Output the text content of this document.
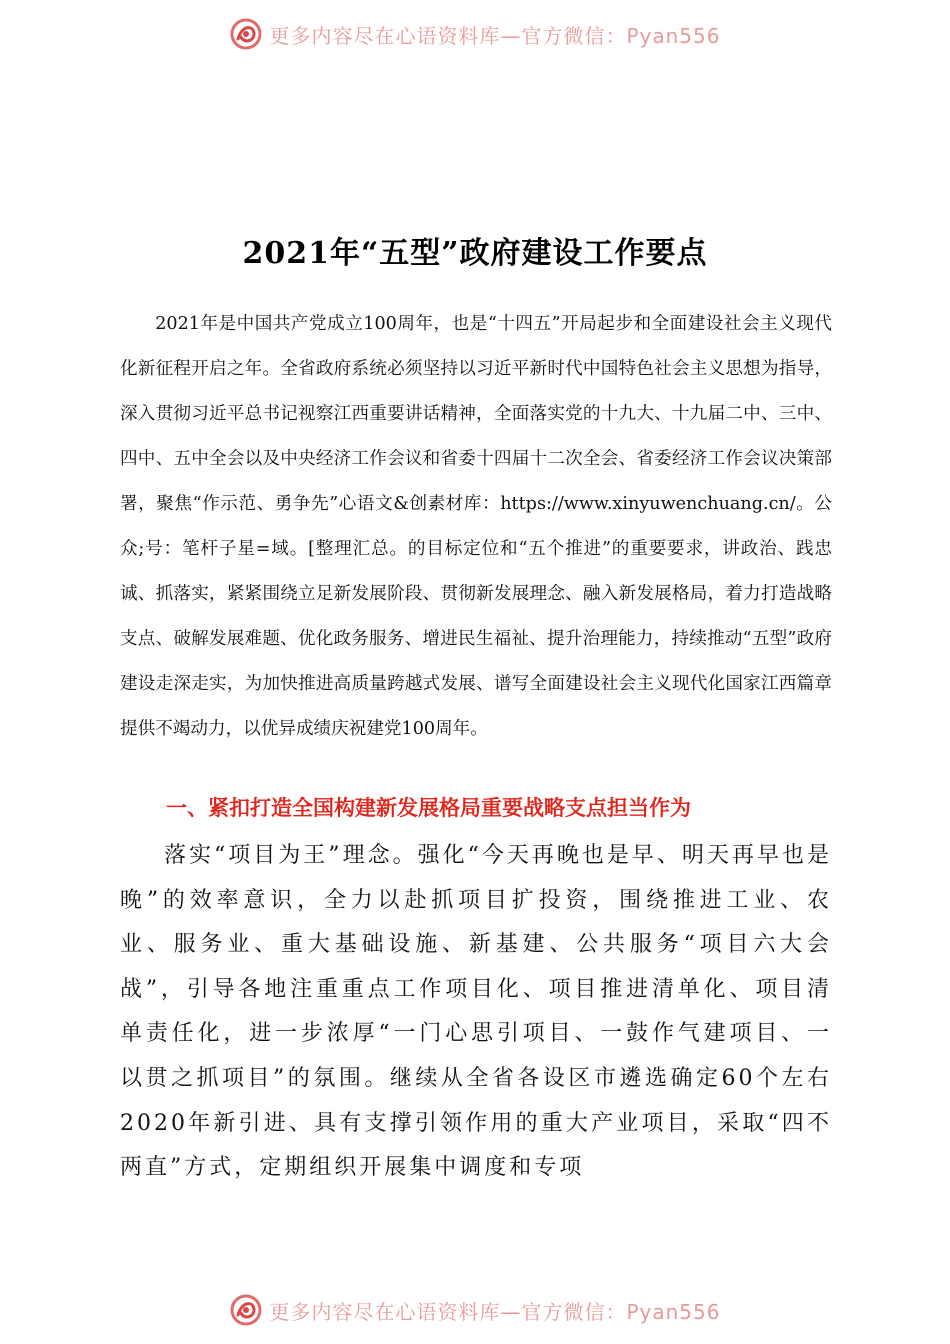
更多内容尽在心语资料库—官方微信：Pyan556
2021年“五型”政府建设工作要点

2021年是中国共产党成立100周年，也是“十四五”开局起步和全面建设社会主义现代化新征程开启之年。全省政府系统必须坚持以习近平新时代中国特色社会主义思想为指导，深入贯彻习近平总书记视察江西重要讲话精神，全面落实党的十九大、十九届二中、三中、四中、五中全会以及中央经济工作会议和省委十四届十二次全会、省委经济工作会议决策部署，聚焦“作示范、勇争先”心语文&创素材库：https://www.xinyuwenchuang.cn/。公众;号：笔杆子星=域。[整理汇总。的目标定位和“五个推进”的重要要求，讲政治、践忠诚、抓落实，紧紧围绕立足新发展阶段、贯彻新发展理念、融入新发展格局，着力打造战略支点、破解发展难题、优化政务服务、增进民生福祉、提升治理能力，持续推动“五型”政府建设走深走实，为加快推进高质量跨越式发展、谱写全面建设社会主义现代化国家江西篇章提供不竭动力，以优异成绩庆祝建党100周年。

一、紧扣打造全国构建新发展格局重要战略支点担当作为

落实“项目为王”理念。强化“今天再晚也是早、明天再早也是晚”的效率意识，全力以赴抓项目扩投资，围绕推进工业、农业、服务业、重大基础设施、新基建、公共服务“项目六大会战”，引导各地注重重点工作项目化、项目推进清单化、项目清单责任化，进一步浓厚“一门心思引项目、一鼓作气建项目、一以贯之抓项目”的氛围。继续从全省各设区市遴选确定60个左右2020年新引进、具有支撑引领作用的重大产业项目，采取“四不两直”方式，定期组织开展集中调度和专项

更多内容尽在心语资料库—官方微信：Pyan556
